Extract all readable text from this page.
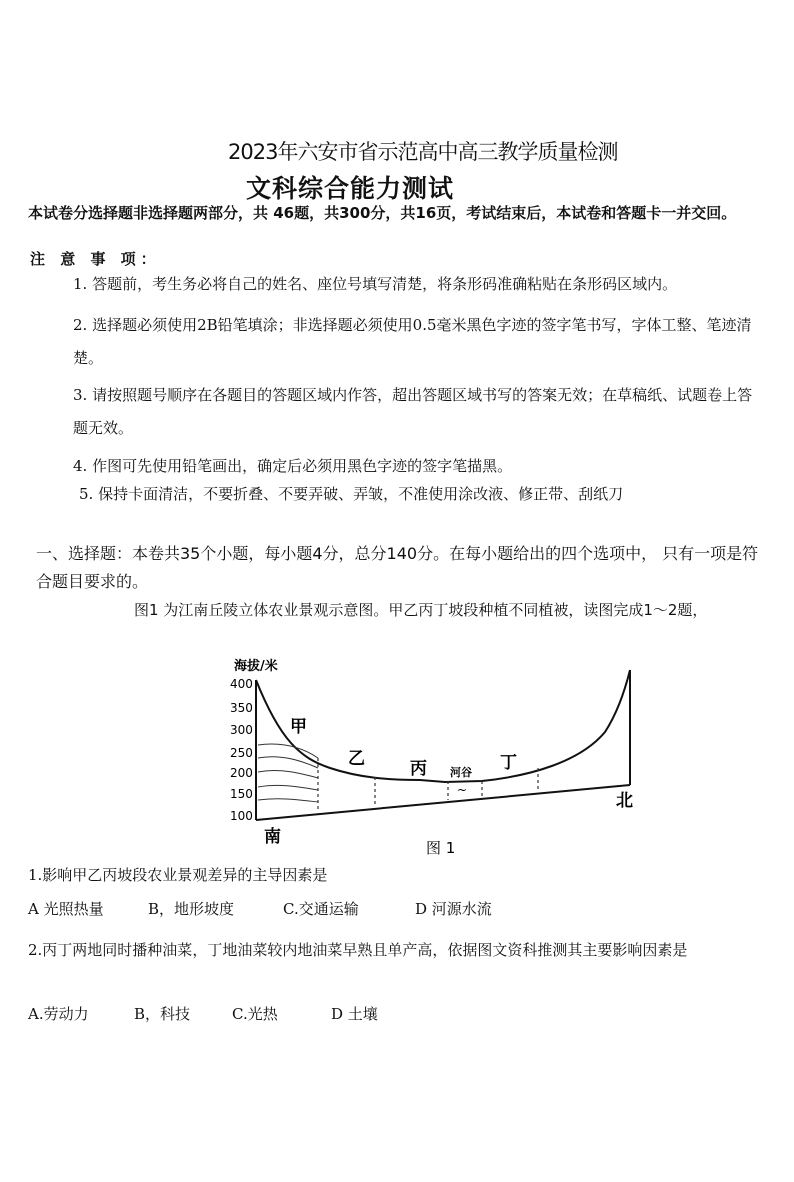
2023年六安市省示范高中高三教学质量检测
文科综合能力测试
本试卷分选择题非选择题两部分，共 46题，共300分，共16页，考试结束后，本试卷和答题卡一并交回。
注 意 事 项：
1. 答题前，考生务必将自己的姓名、座位号填写清楚，将条形码准确粘贴在条形码区域内。
2. 选择题必须使用2B铅笔填涂；非选择题必须使用0.5毫米黑色字迹的签字笔书写，字体工整、笔迹清楚。
3. 请按照题号顺序在各题目的答题区域内作答，超出答题区域书写的答案无效；在草稿纸、试题卷上答题无效。
4. 作图可先使用铅笔画出，确定后必须用黑色字迹的签字笔描黑。
5. 保持卡面清洁，不要折叠、不要弄破、弄皱，不准使用涂改液、修正带、刮纸刀
一、选择题：本卷共35个小题，每小题4分，总分140分。在每小题给出的四个选项中， 只有一项是符合题目要求的。
图1 为江南丘陵立体农业景观示意图。甲乙丙丁坡段种植不同植被，读图完成1～2题，
海拔/米
400
350
300
250
200
150
100
甲
乙	丙 河谷
~
丁
南
北
图 1
1.影响甲乙丙坡段农业景观差异的主导因素是
A 光照热量	B，地形坡度	C.交通运输	D 河源水流
2.丙丁两地同时播种油菜，丁地油菜较内地油菜早熟且单产高，依据图文资科推测其主要影响因素是
A.劳动力	B，科技	C.光热	D 土壤
